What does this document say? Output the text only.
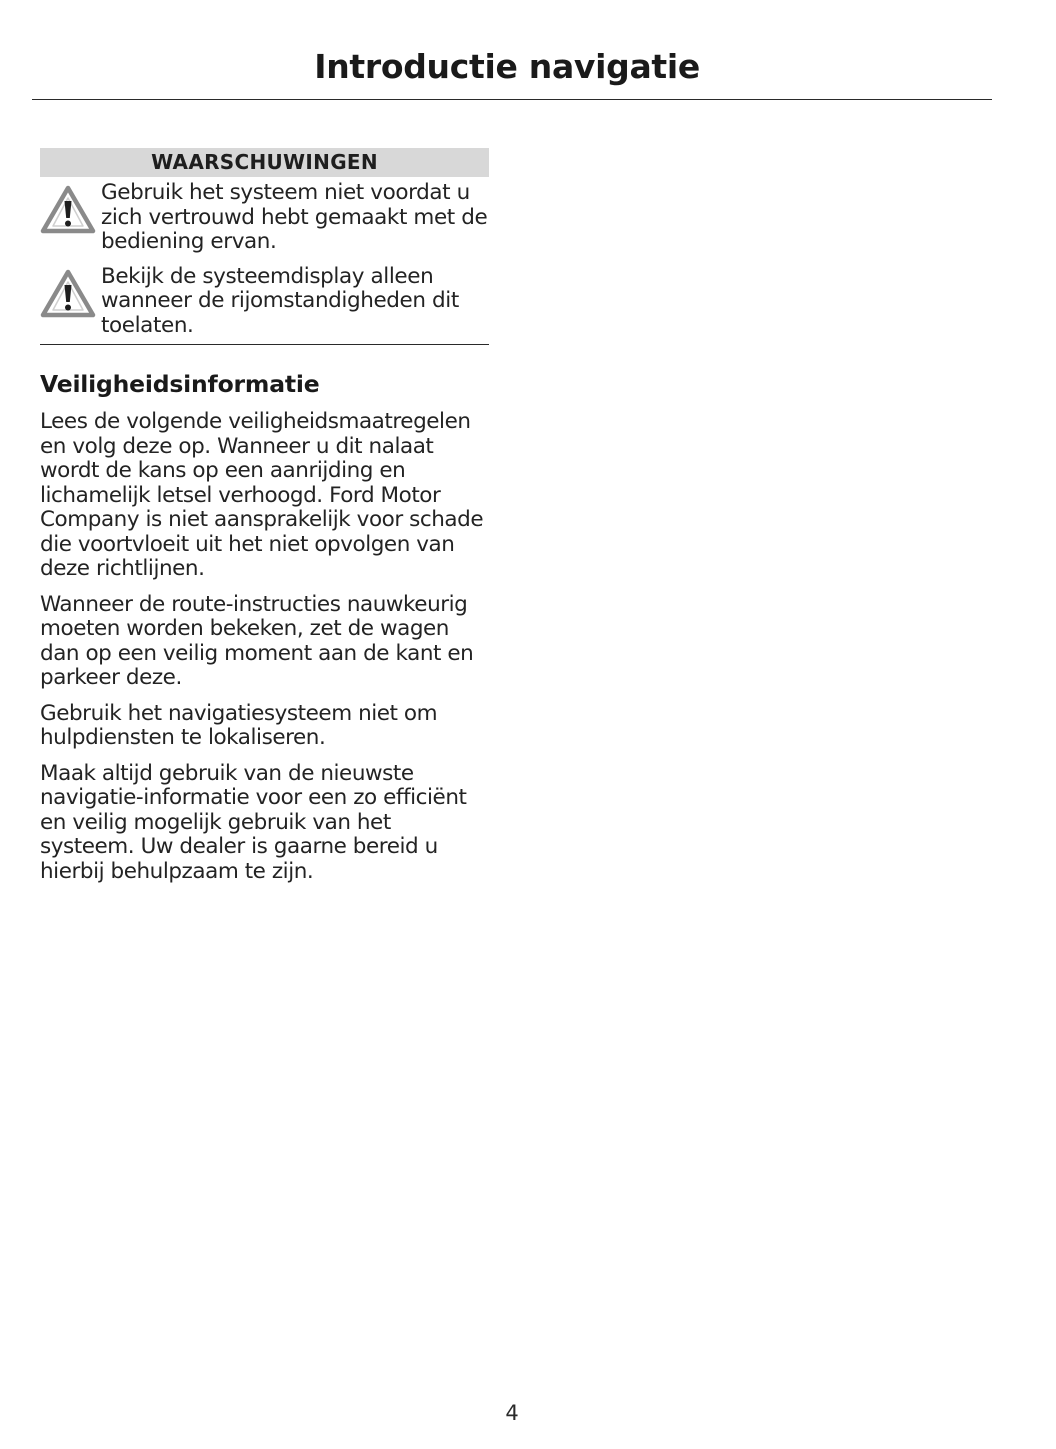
Introductie navigatie
WAARSCHUWINGEN

Gebruik het systeem niet voordat u zich vertrouwd hebt gemaakt met de bediening ervan.

Bekijk de systeemdisplay alleen wanneer de rijomstandigheden dit toelaten.

Veiligheidsinformatie

Lees de volgende veiligheidsmaatregelen en volg deze op. Wanneer u dit nalaat wordt de kans op een aanrijding en lichamelijk letsel verhoogd. Ford Motor Company is niet aansprakelijk voor schade die voortvloeit uit het niet opvolgen van deze richtlijnen.

Wanneer de route-instructies nauwkeurig moeten worden bekeken, zet de wagen dan op een veilig moment aan de kant en parkeer deze.

Gebruik het navigatiesysteem niet om hulpdiensten te lokaliseren.

Maak altijd gebruik van de nieuwste navigatie-informatie voor een zo efficiënt en veilig mogelijk gebruik van het systeem. Uw dealer is gaarne bereid u hierbij behulpzaam te zijn.

4
